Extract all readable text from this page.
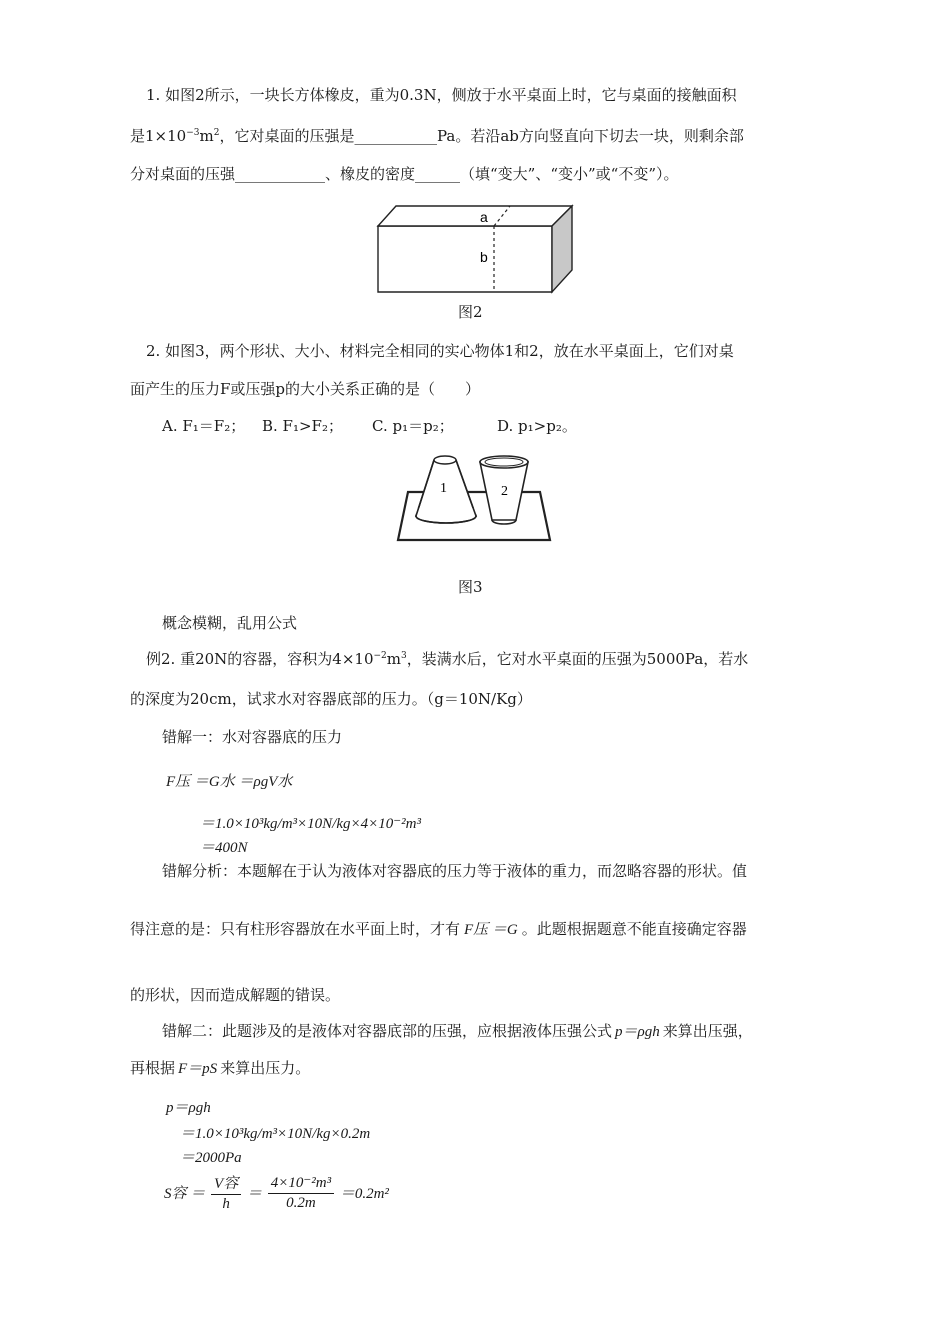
1. 如图2所示，一块长方体橡皮，重为0.3N，侧放于水平桌面上时，它与桌面的接触面积
是$1\times 10^{-3}m^2$，它对桌面的压强是___________Pa。若沿ab方向竖直向下切去一块，则剩余部
分对桌面的压强____________、橡皮的密度______（填“变大”、“变小”或“不变”）。
a
b
图2
2. 如图3，两个形状、大小、材料完全相同的实心物体1和2，放在水平桌面上，它们对桌
面产生的压力F或压强p的大小关系正确的是（　　）
A. F₁＝F₂； B. F₁>F₂； C. p₁＝p₂；	D. p₁>p₂。
1	2
图3
概念模糊，乱用公式
例2. 重20N的容器，容积为$4\times 10^{-2}m^3$，装满水后，它对水平桌面的压强为5000Pa，若水
的深度为20cm，试求水对容器底部的压力。（g＝10N/Kg）
错解一：水对容器底的压力
F压 ＝G水 ＝ρgV水
＝1.0×10³kg/m³×10N/kg×4×10⁻²m³
＝400N
错解分析：本题解在于认为液体对容器底的压力等于液体的重力，而忽略容器的形状。值
得注意的是：只有柱形容器放在水平面上时，才有 F压 ＝G 。此题根据题意不能直接确定容器
的形状，因而造成解题的错误。
错解二：此题涉及的是液体对容器底部的压强，应根据液体压强公式 p＝ρgh 来算出压强，
再根据 F＝pS 来算出压力。
p＝ρgh
＝1.0×10³kg/m³×10N/kg×0.2m
＝2000Pa
S容 ＝ $\frac{\text{V容}}{h} = \frac{\text{4×10⁻²m³}}{0.2m} =0.2m^2$
